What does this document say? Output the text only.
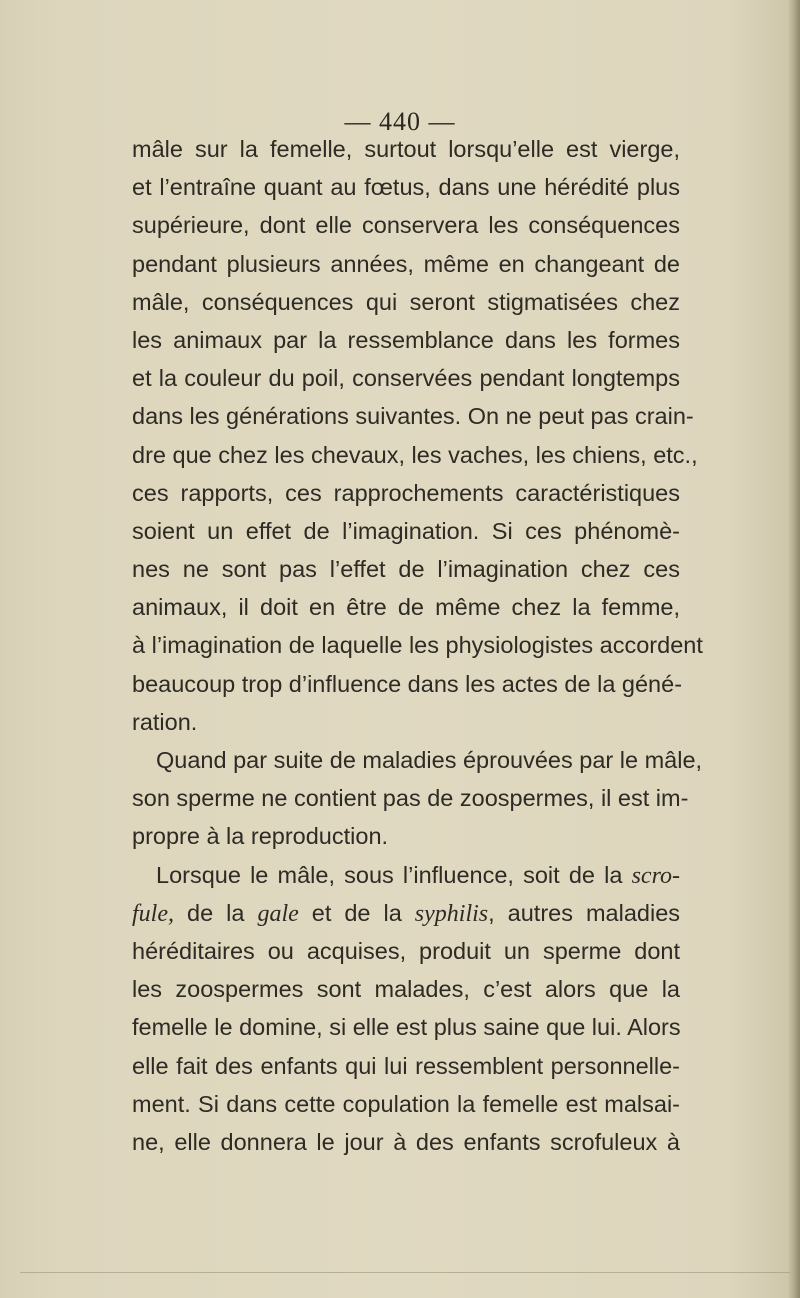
— 440 —
mâle sur la femelle, surtout lorsqu’elle est vierge,
et l’entraîne quant au fœtus, dans une hérédité plus
supérieure, dont elle conservera les conséquences
pendant plusieurs années, même en changeant de
mâle, conséquences qui seront stigmatisées chez
les animaux par la ressemblance dans les formes
et la couleur du poil, conservées pendant longtemps
dans les générations suivantes. On ne peut pas crain-
dre que chez les chevaux, les vaches, les chiens, etc.,
ces rapports, ces rapprochements caractéristiques
soient un effet de l’imagination. Si ces phénomè-
nes ne sont pas l’effet de l’imagination chez ces
animaux, il doit en être de même chez la femme,
à l’imagination de laquelle les physiologistes accordent
beaucoup trop d’influence dans les actes de la géné-
ration.
Quand par suite de maladies éprouvées par le mâle,
son sperme ne contient pas de zoospermes, il est im-
propre à la reproduction.
Lorsque le mâle, sous l’influence, soit de la scro-
fule, de la gale et de la syphilis, autres maladies
héréditaires ou acquises, produit un sperme dont
les zoospermes sont malades, c’est alors que la
femelle le domine, si elle est plus saine que lui. Alors
elle fait des enfants qui lui ressemblent personnelle-
ment. Si dans cette copulation la femelle est malsai-
ne, elle donnera le jour à des enfants scrofuleux à
